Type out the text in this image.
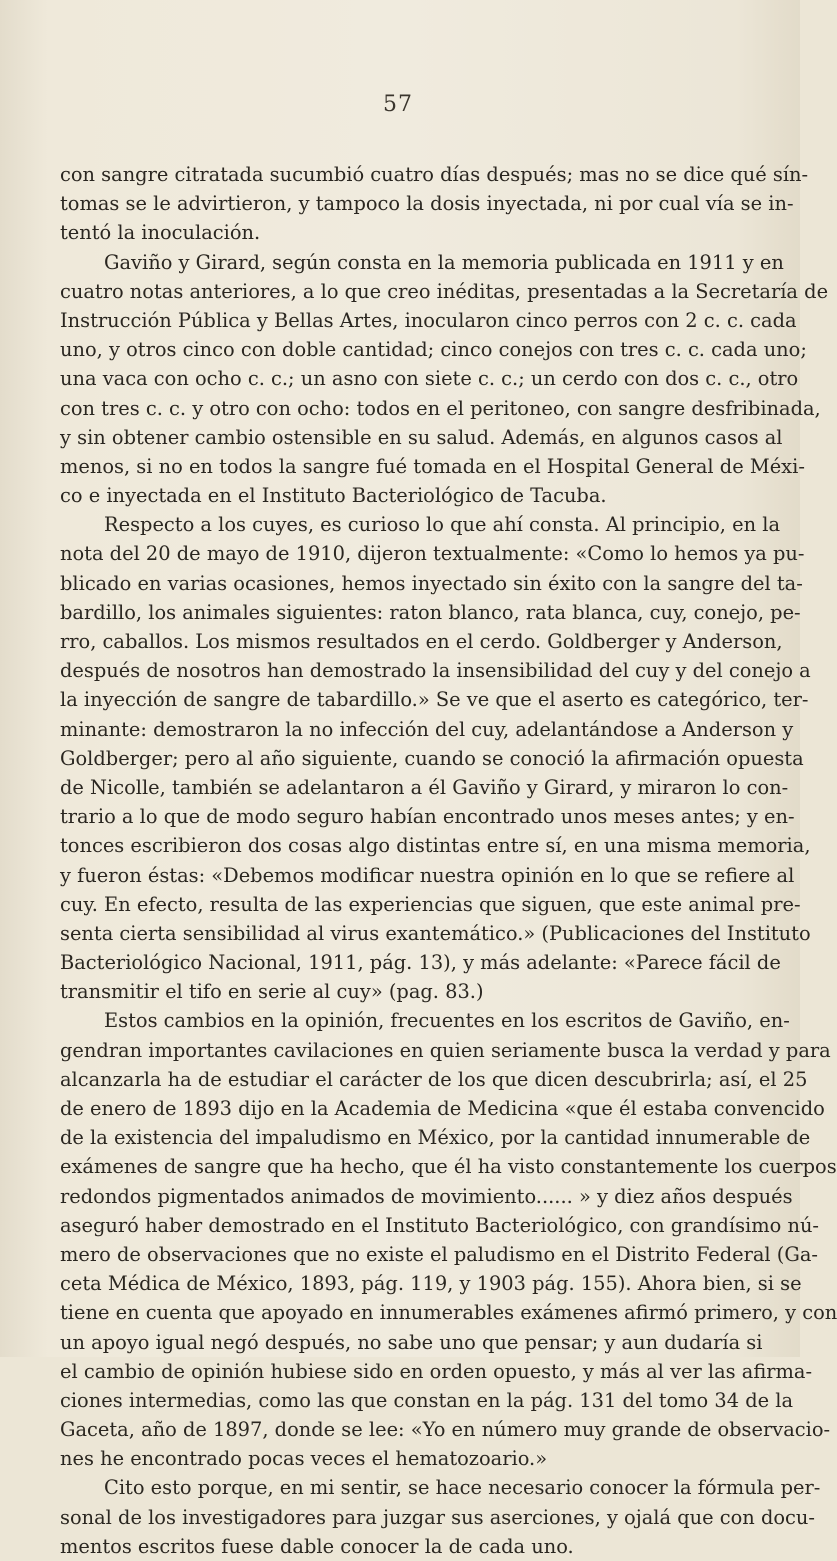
57
con sangre citratada sucumbió cuatro días después; mas no se dice qué sín-
tomas se le advirtieron, y tampoco la dosis inyectada, ni por cual vía se in-
tentó la inoculación.
Gaviño y Girard, según consta en la memoria publicada en 1911 y en
cuatro notas anteriores, a lo que creo inéditas, presentadas a la Secretaría de
Instrucción Pública y Bellas Artes, inocularon cinco perros con 2 c. c. cada
uno, y otros cinco con doble cantidad; cinco conejos con tres c. c. cada uno;
una vaca con ocho c. c.; un asno con siete c. c.; un cerdo con dos c. c., otro
con tres c. c. y otro con ocho: todos en el peritoneo, con sangre desfribinada,
y sin obtener cambio ostensible en su salud. Además, en algunos casos al
menos, si no en todos la sangre fué tomada en el Hospital General de Méxi-
co e inyectada en el Instituto Bacteriológico de Tacuba.
Respecto a los cuyes, es curioso lo que ahí consta. Al principio, en la
nota del 20 de mayo de 1910, dijeron textualmente: «Como lo hemos ya pu-
blicado en varias ocasiones, hemos inyectado sin éxito con la sangre del ta-
bardillo, los animales siguientes: raton blanco, rata blanca, cuy, conejo, pe-
rro, caballos. Los mismos resultados en el cerdo. Goldberger y Anderson,
después de nosotros han demostrado la insensibilidad del cuy y del conejo a
la inyección de sangre de tabardillo.» Se ve que el aserto es categórico, ter-
minante: demostraron la no infección del cuy, adelantándose a Anderson y
Goldberger; pero al año siguiente, cuando se conoció la afirmación opuesta
de Nicolle, también se adelantaron a él Gaviño y Girard, y miraron lo con-
trario a lo que de modo seguro habían encontrado unos meses antes; y en-
tonces escribieron dos cosas algo distintas entre sí, en una misma memoria,
y fueron éstas: «Debemos modificar nuestra opinión en lo que se refiere al
cuy. En efecto, resulta de las experiencias que siguen, que este animal pre-
senta cierta sensibilidad al virus exantemático.» (Publicaciones del Instituto
Bacteriológico Nacional, 1911, pág. 13), y más adelante: «Parece fácil de
transmitir el tifo en serie al cuy» (pag. 83.)
Estos cambios en la opinión, frecuentes en los escritos de Gaviño, en-
gendran importantes cavilaciones en quien seriamente busca la verdad y para
alcanzarla ha de estudiar el carácter de los que dicen descubrirla; así, el 25
de enero de 1893 dijo en la Academia de Medicina «que él estaba convencido
de la existencia del impaludismo en México, por la cantidad innumerable de
exámenes de sangre que ha hecho, que él ha visto constantemente los cuerpos
redondos pigmentados animados de movimiento...... » y diez años después
aseguró haber demostrado en el Instituto Bacteriológico, con grandísimo nú-
mero de observaciones que no existe el paludismo en el Distrito Federal (Ga-
ceta Médica de México, 1893, pág. 119, y 1903 pág. 155). Ahora bien, si se
tiene en cuenta que apoyado en innumerables exámenes afirmó primero, y con
un apoyo igual negó después, no sabe uno que pensar; y aun dudaría si
el cambio de opinión hubiese sido en orden opuesto, y más al ver las afirma-
ciones intermedias, como las que constan en la pág. 131 del tomo 34 de la
Gaceta, año de 1897, donde se lee: «Yo en número muy grande de observacio-
nes he encontrado pocas veces el hematozoario.»
Cito esto porque, en mi sentir, se hace necesario conocer la fórmula per-
sonal de los investigadores para juzgar sus aserciones, y ojalá que con docu-
mentos escritos fuese dable conocer la de cada uno.
